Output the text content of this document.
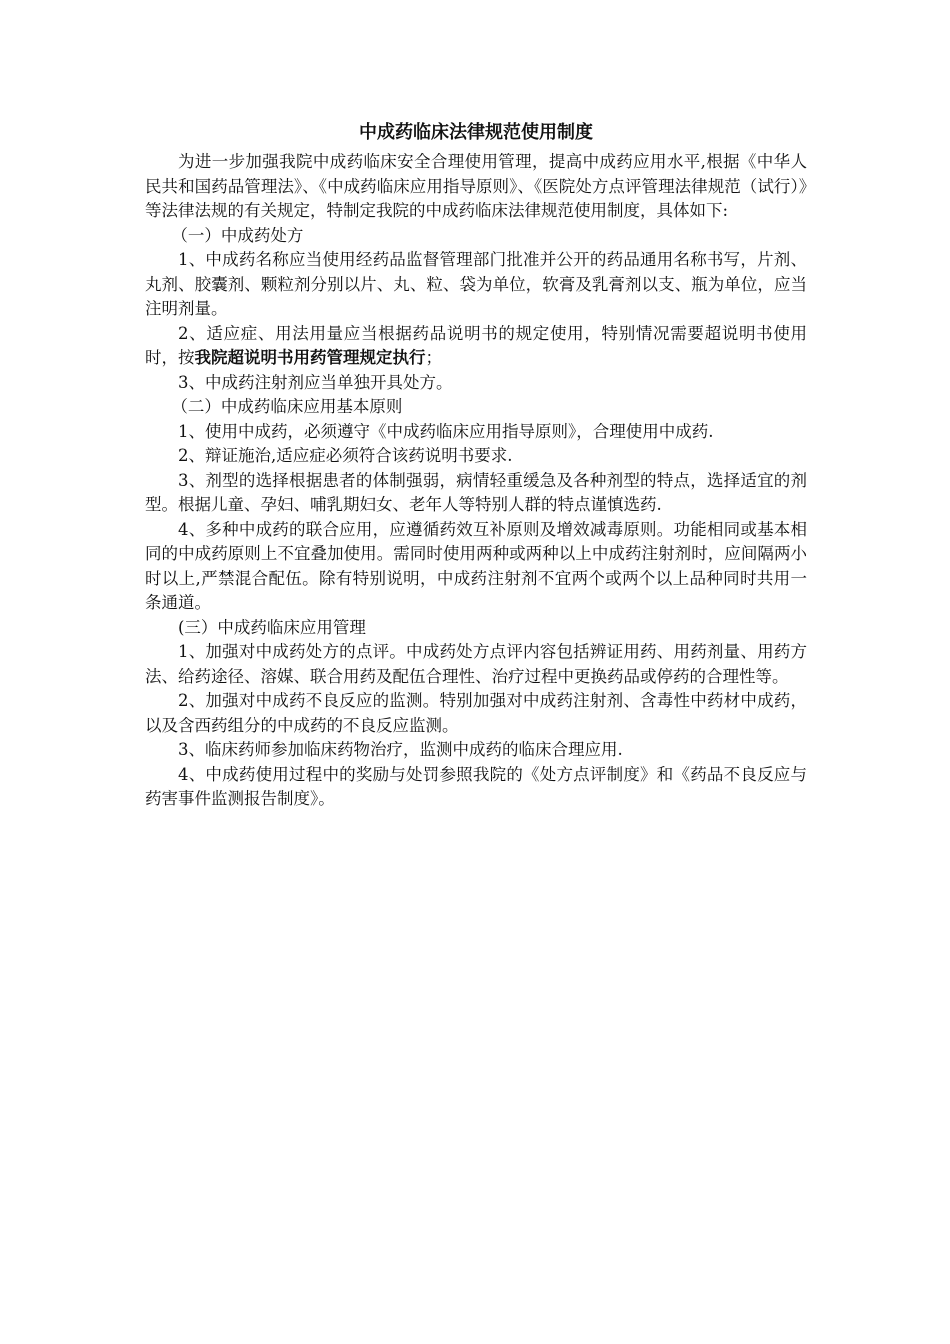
中成药临床法律规范使用制度

为进一步加强我院中成药临床安全合理使用管理，提高中成药应用水平,根据《中华人民共和国药品管理法》、《中成药临床应用指导原则》、《医院处方点评管理法律规范（试行）》等法律法规的有关规定，特制定我院的中成药临床法律规范使用制度，具体如下:

（一）中成药处方

1、中成药名称应当使用经药品监督管理部门批准并公开的药品通用名称书写，片剂、丸剂、胶囊剂、颗粒剂分别以片、丸、粒、袋为单位，软膏及乳膏剂以支、瓶为单位，应当注明剂量。

2、适应症、用法用量应当根据药品说明书的规定使用，特别情况需要超说明书使用时，按我院超说明书用药管理规定执行；

3、中成药注射剂应当单独开具处方。

（二）中成药临床应用基本原则

1、使用中成药，必须遵守《中成药临床应用指导原则》，合理使用中成药.

2、辩证施治,适应症必须符合该药说明书要求.

3、剂型的选择根据患者的体制强弱，病情轻重缓急及各种剂型的特点，选择适宜的剂型。根据儿童、孕妇、哺乳期妇女、老年人等特别人群的特点谨慎选药.

4、多种中成药的联合应用，应遵循药效互补原则及增效减毒原则。功能相同或基本相同的中成药原则上不宜叠加使用。需同时使用两种或两种以上中成药注射剂时，应间隔两小时以上,严禁混合配伍。除有特别说明，中成药注射剂不宜两个或两个以上品种同时共用一条通道。

(三）中成药临床应用管理

1、加强对中成药处方的点评。中成药处方点评内容包括辨证用药、用药剂量、用药方法、给药途径、溶媒、联合用药及配伍合理性、治疗过程中更换药品或停药的合理性等。

2、加强对中成药不良反应的监测。特别加强对中成药注射剂、含毒性中药材中成药，以及含西药组分的中成药的不良反应监测。

3、临床药师参加临床药物治疗，监测中成药的临床合理应用.

4、中成药使用过程中的奖励与处罚参照我院的《处方点评制度》和《药品不良反应与药害事件监测报告制度》。
